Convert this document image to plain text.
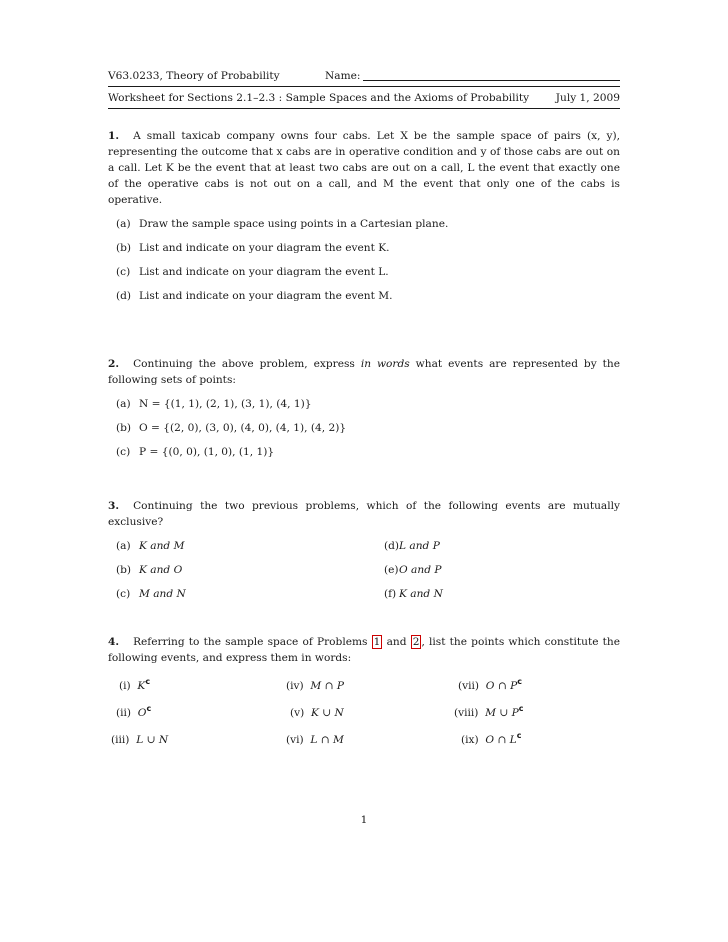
V63.0233, Theory of Probability	Name:
Worksheet for Sections 2.1–2.3 : Sample Spaces and the Axioms of Probability	July 1, 2009

1. A small taxicab company owns four cabs. Let X be the sample space of pairs (x, y), representing the outcome that x cabs are in operative condition and y of those cabs are out on a call. Let K be the event that at least two cabs are out on a call, L the event that exactly one of the operative cabs is not out on a call, and M the event that only one of the cabs is operative.

(a) Draw the sample space using points in a Cartesian plane.
(b) List and indicate on your diagram the event K.
(c) List and indicate on your diagram the event L.
(d) List and indicate on your diagram the event M.

2. Continuing the above problem, express in words what events are represented by the following sets of points:

(a) N = {(1, 1), (2, 1), (3, 1), (4, 1)}
(b) O = {(2, 0), (3, 0), (4, 0), (4, 1), (4, 2)}
(c) P = {(0, 0), (1, 0), (1, 1)}

3. Continuing the two previous problems, which of the following events are mutually exclusive?

(a) K and M	(d) L and P
(b) K and O	(e) O and P
(c) M and N	(f) K and N

4. Referring to the sample space of Problems 1 and 2 , list the points which constitute the following events, and express them in words:

(i) $K^c$	(iv) M ∩ P	(vii) O ∩ $P^c$
(ii) $O^c$	(v) K ∪ N	(viii) M ∪ $P^c$
(iii) L ∪ N	(vi) L ∩ M	(ix) O ∩ $L^c$
1
